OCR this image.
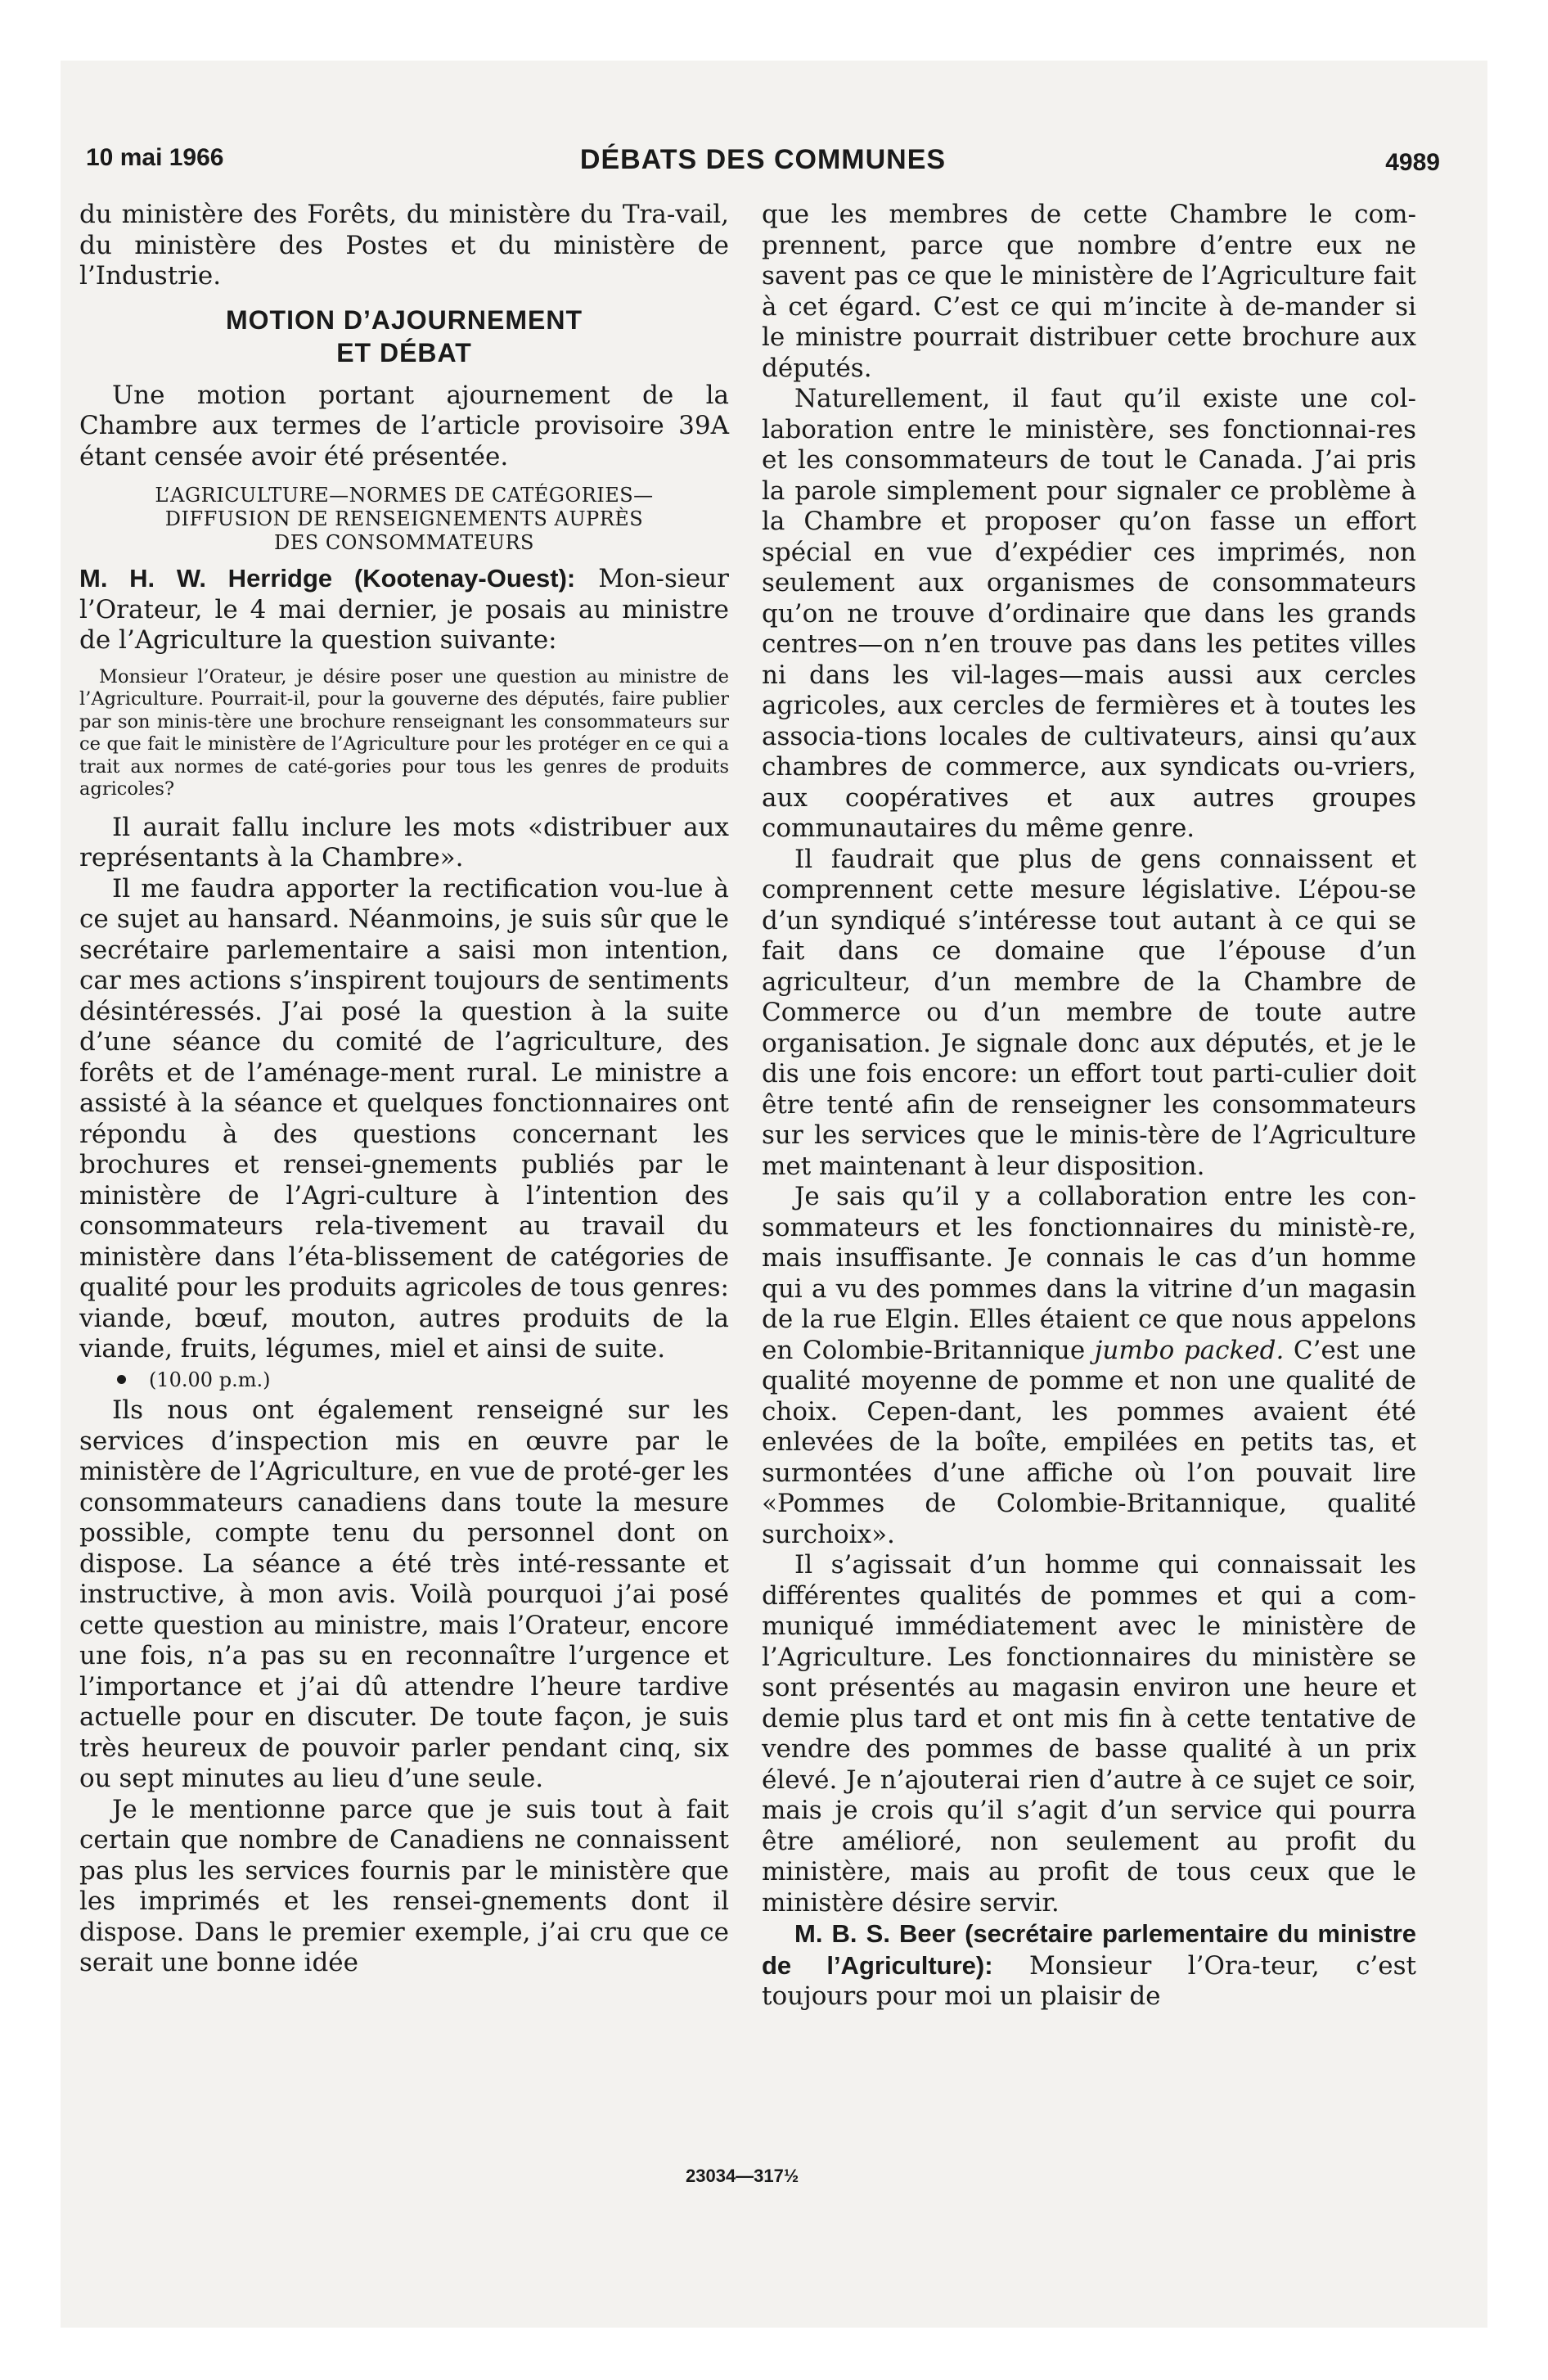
10 mai 1966	DÉBATS DES COMMUNES	4989

du ministère des Forêts, du ministère du Tra-vail, du ministère des Postes et du ministère de l’Industrie.

MOTION D’AJOURNEMENT
ET DÉBAT

Une motion portant ajournement de la Chambre aux termes de l’article provisoire 39A étant censée avoir été présentée.

L’AGRICULTURE—NORMES DE CATÉGORIES—
DIFFUSION DE RENSEIGNEMENTS AUPRÈS
DES CONSOMMATEURS

M. H. W. Herridge (Kootenay-Ouest): Mon-sieur l’Orateur, le 4 mai dernier, je posais au ministre de l’Agriculture la question suivante:

Monsieur l’Orateur, je désire poser une question au ministre de l’Agriculture. Pourrait-il, pour la gouverne des députés, faire publier par son minis-tère une brochure renseignant les consommateurs sur ce que fait le ministère de l’Agriculture pour les protéger en ce qui a trait aux normes de caté-gories pour tous les genres de produits agricoles?

Il aurait fallu inclure les mots «distribuer aux représentants à la Chambre».

Il me faudra apporter la rectification vou-lue à ce sujet au hansard. Néanmoins, je suis sûr que le secrétaire parlementaire a saisi mon intention, car mes actions s’inspirent toujours de sentiments désintéressés. J’ai posé la question à la suite d’une séance du comité de l’agriculture, des forêts et de l’aménage-ment rural. Le ministre a assisté à la séance et quelques fonctionnaires ont répondu à des questions concernant les brochures et rensei-gnements publiés par le ministère de l’Agri-culture à l’intention des consommateurs rela-tivement au travail du ministère dans l’éta-blissement de catégories de qualité pour les produits agricoles de tous genres: viande, bœuf, mouton, autres produits de la viande, fruits, légumes, miel et ainsi de suite.

(10.00 p.m.)

Ils nous ont également renseigné sur les services d’inspection mis en œuvre par le ministère de l’Agriculture, en vue de proté-ger les consommateurs canadiens dans toute la mesure possible, compte tenu du personnel dont on dispose. La séance a été très inté-ressante et instructive, à mon avis. Voilà pourquoi j’ai posé cette question au ministre, mais l’Orateur, encore une fois, n’a pas su en reconnaître l’urgence et l’importance et j’ai dû attendre l’heure tardive actuelle pour en discuter. De toute façon, je suis très heureux de pouvoir parler pendant cinq, six ou sept minutes au lieu d’une seule.

Je le mentionne parce que je suis tout à fait certain que nombre de Canadiens ne connaissent pas plus les services fournis par le ministère que les imprimés et les rensei-gnements dont il dispose. Dans le premier exemple, j’ai cru que ce serait une bonne idée

que les membres de cette Chambre le com-prennent, parce que nombre d’entre eux ne savent pas ce que le ministère de l’Agriculture fait à cet égard. C’est ce qui m’incite à de-mander si le ministre pourrait distribuer cette brochure aux députés.

Naturellement, il faut qu’il existe une col-laboration entre le ministère, ses fonctionnai-res et les consommateurs de tout le Canada. J’ai pris la parole simplement pour signaler ce problème à la Chambre et proposer qu’on fasse un effort spécial en vue d’expédier ces imprimés, non seulement aux organismes de consommateurs qu’on ne trouve d’ordinaire que dans les grands centres—on n’en trouve pas dans les petites villes ni dans les vil-lages—mais aussi aux cercles agricoles, aux cercles de fermières et à toutes les associa-tions locales de cultivateurs, ainsi qu’aux chambres de commerce, aux syndicats ou-vriers, aux coopératives et aux autres groupes communautaires du même genre.

Il faudrait que plus de gens connaissent et comprennent cette mesure législative. L’épou-se d’un syndiqué s’intéresse tout autant à ce qui se fait dans ce domaine que l’épouse d’un agriculteur, d’un membre de la Chambre de Commerce ou d’un membre de toute autre organisation. Je signale donc aux députés, et je le dis une fois encore: un effort tout parti-culier doit être tenté afin de renseigner les consommateurs sur les services que le minis-tère de l’Agriculture met maintenant à leur disposition.

Je sais qu’il y a collaboration entre les con-sommateurs et les fonctionnaires du ministè-re, mais insuffisante. Je connais le cas d’un homme qui a vu des pommes dans la vitrine d’un magasin de la rue Elgin. Elles étaient ce que nous appelons en Colombie-Britannique jumbo packed. C’est une qualité moyenne de pomme et non une qualité de choix. Cepen-dant, les pommes avaient été enlevées de la boîte, empilées en petits tas, et surmontées d’une affiche où l’on pouvait lire «Pommes de Colombie-Britannique, qualité surchoix».

Il s’agissait d’un homme qui connaissait les différentes qualités de pommes et qui a com-muniqué immédiatement avec le ministère de l’Agriculture. Les fonctionnaires du ministère se sont présentés au magasin environ une heure et demie plus tard et ont mis fin à cette tentative de vendre des pommes de basse qualité à un prix élevé. Je n’ajouterai rien d’autre à ce sujet ce soir, mais je crois qu’il s’agit d’un service qui pourra être amélioré, non seulement au profit du ministère, mais au profit de tous ceux que le ministère désire servir.

M. B. S. Beer (secrétaire parlementaire du ministre de l’Agriculture): Monsieur l’Ora-teur, c’est toujours pour moi un plaisir de

23034—317½
